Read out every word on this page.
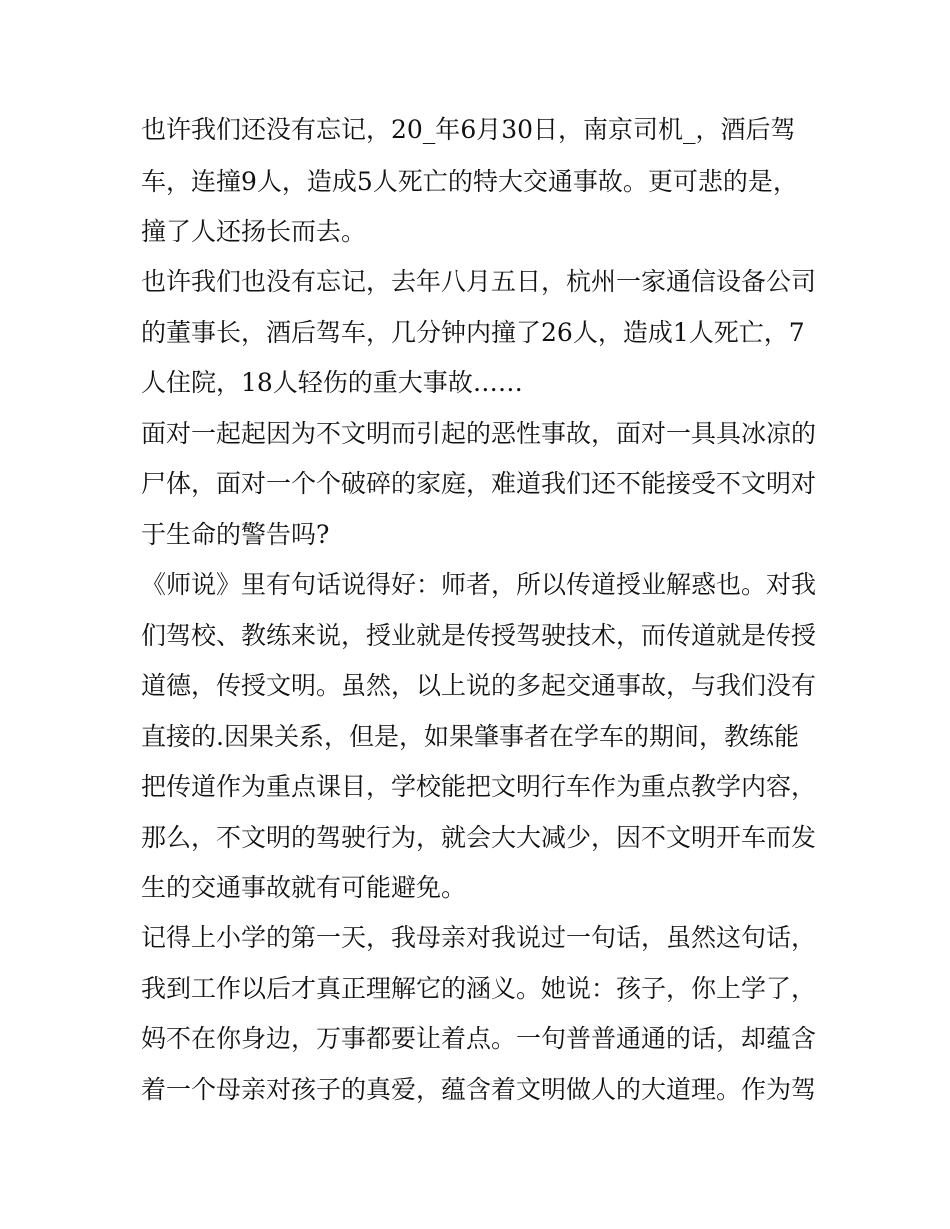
也许我们还没有忘记，20_年6月30日，南京司机_，酒后驾
车，连撞9人，造成5人死亡的特大交通事故。更可悲的是，
撞了人还扬长而去。
也许我们也没有忘记，去年八月五日，杭州一家通信设备公司
的董事长，酒后驾车，几分钟内撞了26人，造成1人死亡，7
人住院，18人轻伤的重大事故……
面对一起起因为不文明而引起的恶性事故，面对一具具冰凉的
尸体，面对一个个破碎的家庭，难道我们还不能接受不文明对
于生命的警告吗?
《师说》里有句话说得好：师者，所以传道授业解惑也。对我
们驾校、教练来说，授业就是传授驾驶技术，而传道就是传授
道德，传授文明。虽然，以上说的多起交通事故，与我们没有
直接的.因果关系，但是，如果肇事者在学车的期间，教练能
把传道作为重点课目，学校能把文明行车作为重点教学内容，
那么，不文明的驾驶行为，就会大大减少，因不文明开车而发
生的交通事故就有可能避免。
记得上小学的第一天，我母亲对我说过一句话，虽然这句话，
我到工作以后才真正理解它的涵义。她说：孩子，你上学了，
妈不在你身边，万事都要让着点。一句普普通通的话，却蕴含
着一个母亲对孩子的真爱，蕴含着文明做人的大道理。作为驾
